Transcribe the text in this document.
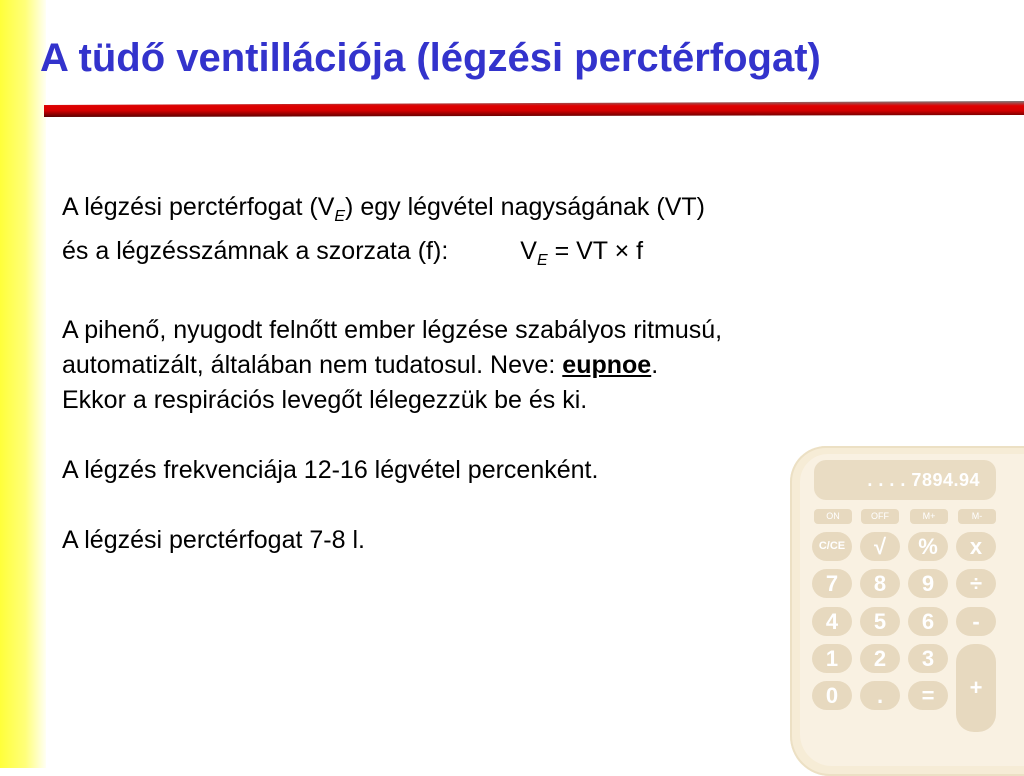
A tüdő ventillációja (légzési perctérfogat)

A légzési perctérfogat $(V_E)$ egy légvétel nagyságának (VT)

és a légzésszámnak a szorzata (f):	$V_E$ = VT × f

A pihenő, nyugodt felnőtt ember légzése szabályos ritmusú,

automatizált, általában nem tudatosul. Neve: eupnoe.

Ekkor a respirációs levegőt lélegezzük be és ki.

A légzés frekvenciája 12-16 légvétel percenként.

A légzési perctérfogat 7-8 l.

. . . . 7894.94
ON	OFF	M+	M-
C/CE	√	%	x
7	8	9	÷
4	5	6	-
1	2	3
+
0	.	=
